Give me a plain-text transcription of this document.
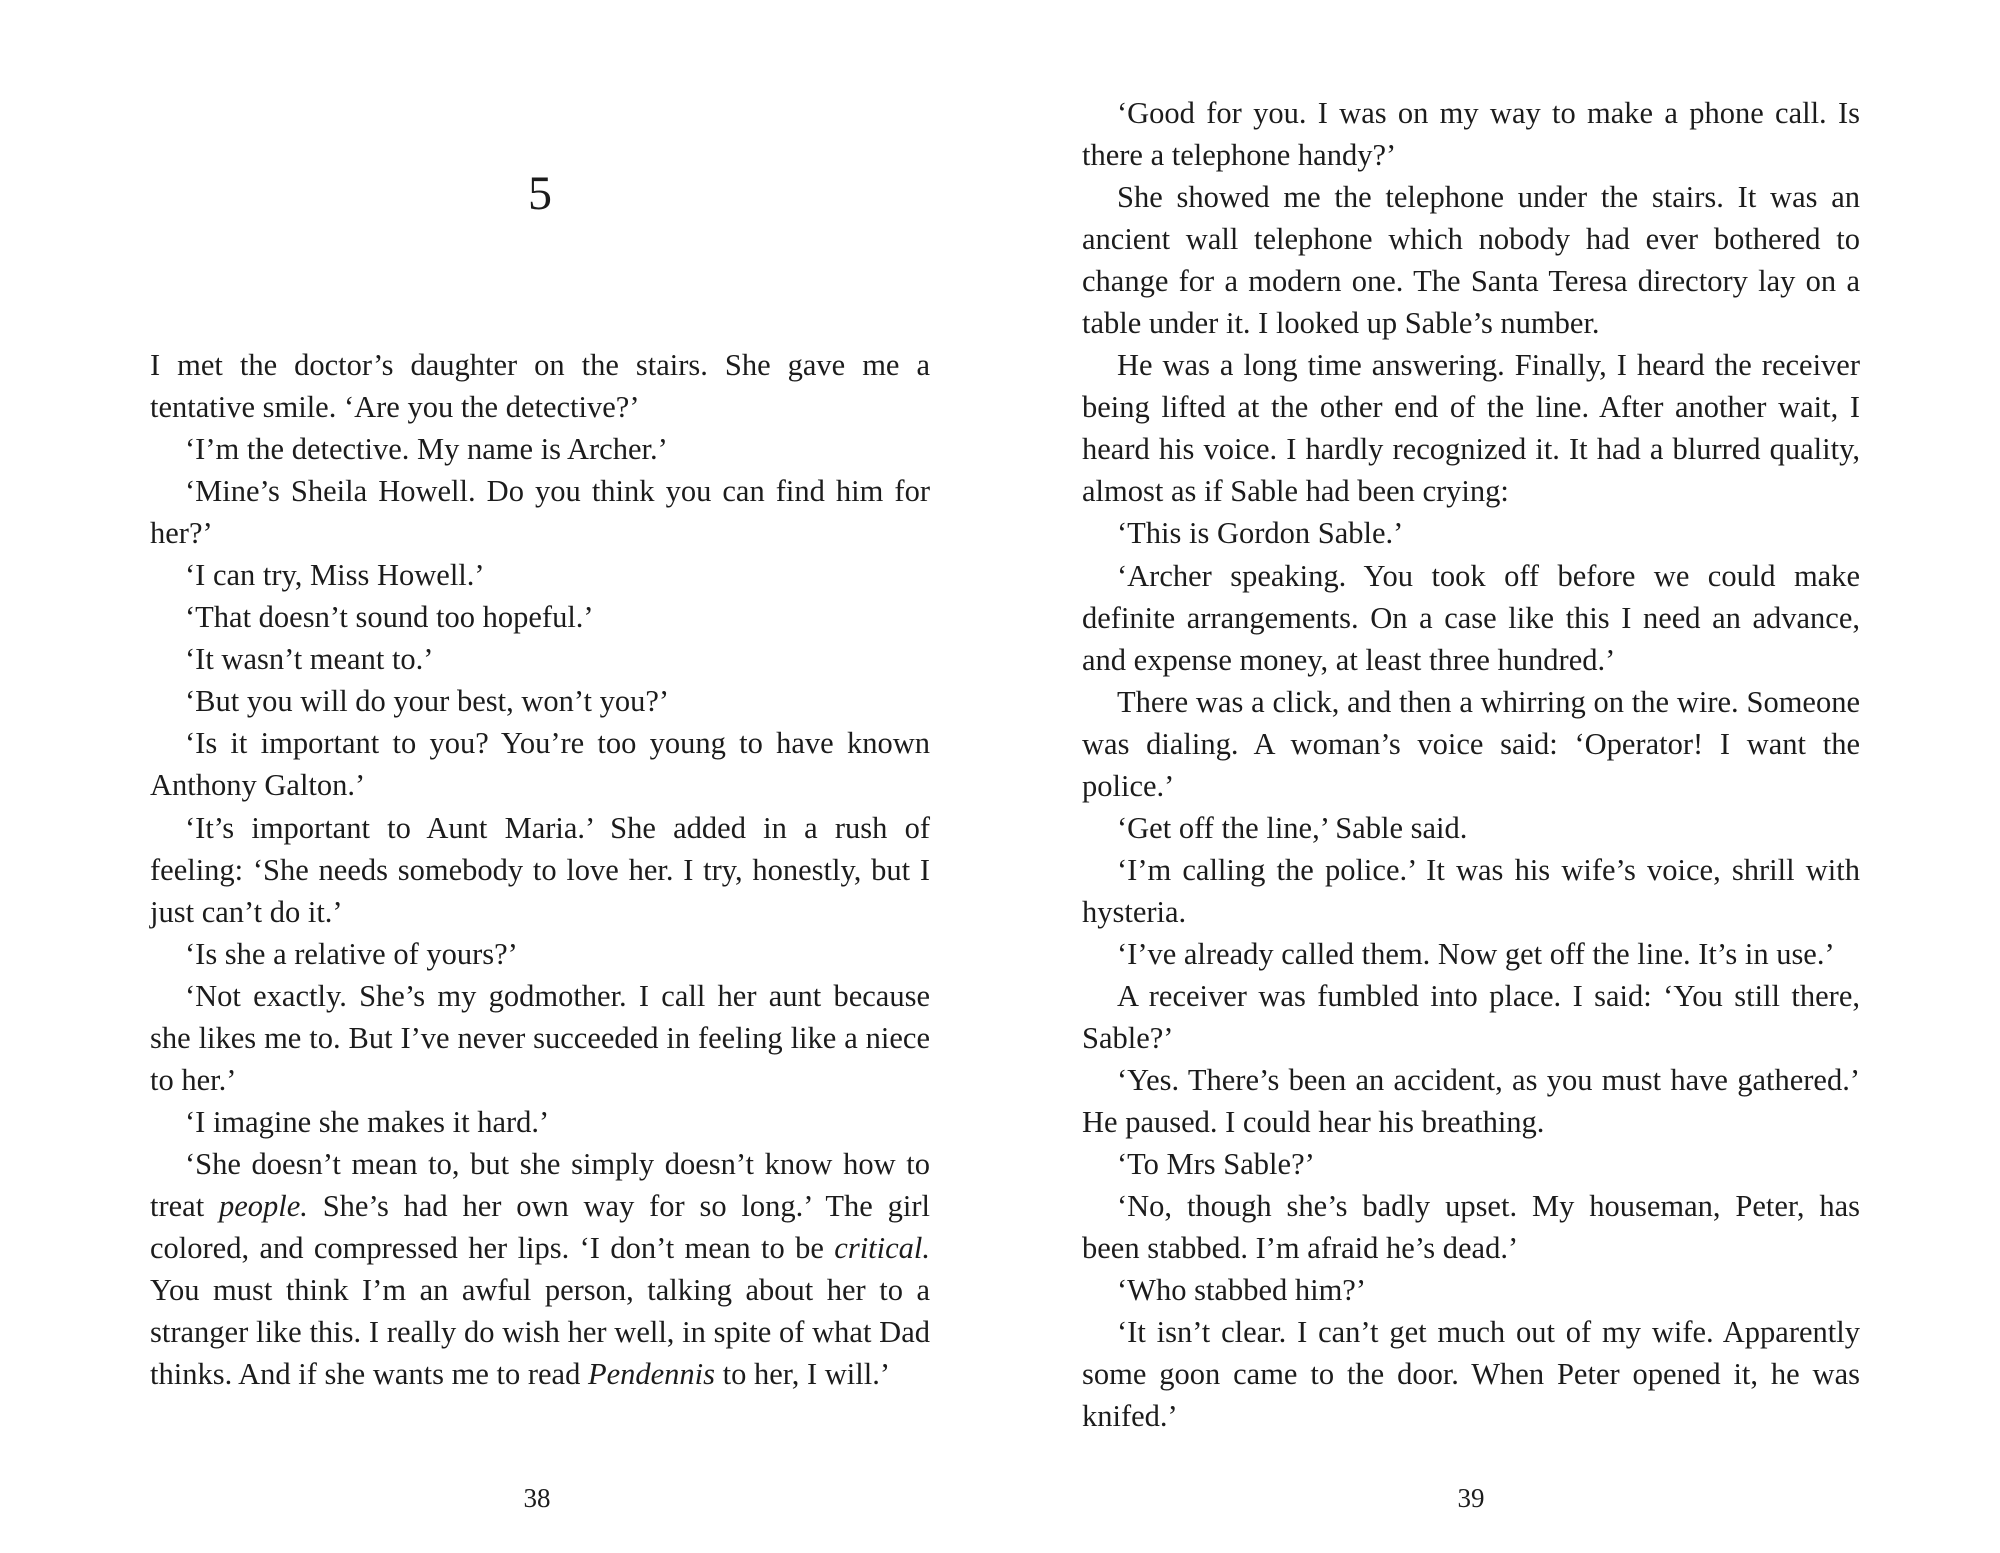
5

I met the doctor’s daughter on the stairs. She gave me a tentative smile. ‘Are you the detective?’

‘I’m the detective. My name is Archer.’

‘Mine’s Sheila Howell. Do you think you can find him for her?’

‘I can try, Miss Howell.’

‘That doesn’t sound too hopeful.’

‘It wasn’t meant to.’

‘But you will do your best, won’t you?’

‘Is it important to you? You’re too young to have known Anthony Galton.’

‘It’s important to Aunt Maria.’ She added in a rush of feeling: ‘She needs somebody to love her. I try, honestly, but I just can’t do it.’

‘Is she a relative of yours?’

‘Not exactly. She’s my godmother. I call her aunt because she likes me to. But I’ve never succeeded in feeling like a niece to her.’

‘I imagine she makes it hard.’

‘She doesn’t mean to, but she simply doesn’t know how to treat people. She’s had her own way for so long.’ The girl colored, and compressed her lips. ‘I don’t mean to be critical. You must think I’m an awful person, talking about her to a stranger like this. I really do wish her well, in spite of what Dad thinks. And if she wants me to read Pendennis to her, I will.’

38

‘Good for you. I was on my way to make a phone call. Is there a telephone handy?’

She showed me the telephone under the stairs. It was an ancient wall telephone which nobody had ever bothered to change for a modern one. The Santa Teresa directory lay on a table under it. I looked up Sable’s number.

He was a long time answering. Finally, I heard the receiver being lifted at the other end of the line. After another wait, I heard his voice. I hardly recognized it. It had a blurred quality, almost as if Sable had been crying:

‘This is Gordon Sable.’

‘Archer speaking. You took off before we could make definite arrangements. On a case like this I need an advance, and expense money, at least three hundred.’

There was a click, and then a whirring on the wire. Someone was dialing. A woman’s voice said: ‘Operator! I want the police.’

‘Get off the line,’ Sable said.

‘I’m calling the police.’ It was his wife’s voice, shrill with hysteria.

‘I’ve already called them. Now get off the line. It’s in use.’

A receiver was fumbled into place. I said: ‘You still there, Sable?’

‘Yes. There’s been an accident, as you must have gathered.’ He paused. I could hear his breathing.

‘To Mrs Sable?’

‘No, though she’s badly upset. My houseman, Peter, has been stabbed. I’m afraid he’s dead.’

‘Who stabbed him?’

‘It isn’t clear. I can’t get much out of my wife. Apparently some goon came to the door. When Peter opened it, he was knifed.’

39
